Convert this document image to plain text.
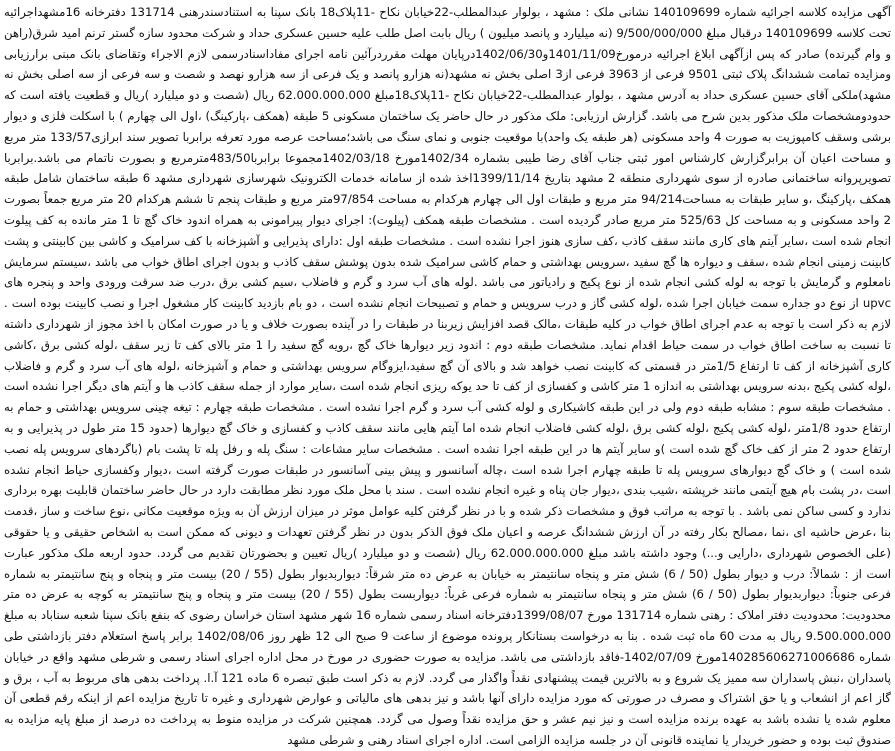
آگهی مزایده کلاسه اجرائیه شماره 140109699 نشانی ملک : مشهد ، بولوار عبدالمطلب-22خیابان نکاح -11پلاک18 بانک سپنا به استنادسندرهنی 131714 دفترخانه 16مشهداجرائیه تحت کلاسه 140109699 درقبال مبلغ 9/500/000/000 (نه میلیارد و پانصد میلیون ) ریال بابت اصل طلب علیه حسین عسکری حداد و شرکت محدود سازه گستر ترنم امید شرق(راهن و وام گیرنده) صادر که پس ازآگهی ابلاغ اجرائیه درمورخ1401/11/09و1402/06/30درپایان مهلت مقرردرآئین نامه اجرای مفاداسنادرسمی لازم الاجراء وتقاضای بانک مبنی برارزیابی ومزایده تمامت ششدانگ پلاک ثبتی 9501 فرعی از 3963 فرعی از3 اصلی بخش نه مشهد(نه هزارو پانصد و یک فرعی از سه هزارو نهصد و شصت و سه فرعی از سه اصلی بخش نه مشهد)ملکی آقای حسین عسکری حداد به آدرس مشهد ، بولوار عبدالمطلب-22خیابان نکاح -11پلاک18مبلغ 62.000.000.000 ریال (شصت و دو میلیارد )ریال و قطعیت یافته است که حدودومشخصات ملک مذکور بدین شرح می باشد. گزارش ارزیابی: ملک مذکور در حال حاضر یک ساختمان مسکونی 5 طبقه (همکف ،پارکینگ) ،اول الی چهارم ) با اسکلت فلزی و دیوار برشی وسقف کامپوزیت به صورت 4 واحد مسکونی (هر طبقه یک واحد)با موقعیت جنوبی و نمای سنگ می باشد؛مساحت عرصه مورد تعرفه برابربا تصویر سند ابرازی133/57 متر مربع و مساحت اعیان آن برابرگزارش کارشناس امور ثبتی جناب آقای رضا طیبی بشماره 1402/34مورخ 1402/03/18مجموعا برابربا483/50مترمربع و بصورت ناتمام می باشد.برابربا تصویرپروانه ساختمانی صادره از سوی شهرداری منطقه 2 مشهد بتاریخ 1399/11/14اخذ شده از سامانه خدمات الکترونیک شهرسازی شهرداری مشهد 6 طبقه ساختمان شامل طبقه همکف ،پارکینگ ،و سایر طبقات به مساحت94/214 متر مربع و طبقات اول الی چهارم هرکدام به مساحت 97/854متر مربع و طبقات پنجم تا ششم هرکدام 20 متر مربع جمعاً بصورت 2 واحد مسکونی و به مساحت کل 525/63 متر مربع صادر گردیده است . مشخصات طبقه همکف (پیلوت): اجرای دیوار پیرامونی به همراه اندود خاک گچ تا 1 متر مانده به کف پیلوت انجام شده است ،سایر آیتم های کاری مانند سقف کاذب ،کف سازی هنوز اجرا نشده است . مشخصات طبقه اول :دارای پذیرایی و آشپزخانه با کف سرامیک و کاشی بین کابینتی و پشت کابینت زمینی انجام شده ،سقف و دیواره ها گچ سفید ،سرویس بهداشتی و حمام کاشی سرامیک شده بدون پوشش سقف کاذب و بدون اجرای اطاق خواب می باشد ،سیستم سرمایش نامعلوم و گرمایش با توجه به لوله کشی انجام شده از نوع پکیج و رادیاتور می باشد .لوله های آب سرد و گرم و فاضلاب ،سیم کشی برق ،درب ضد سرقت ورودی واحد و پنجره های upvc از نوع دو جداره سمت خیابان اجرا شده ،لوله کشی گاز و درب سرویس و حمام و تصبیحات انجام نشده است ، دو بام بازدید کابینت کار مشغول اجرا و نصب کابینت بوده است . لازم به ذکر است با توجه به عدم اجرای اطاق خواب در کلیه طبقات ،مالک قصد افزایش زیربنا در طبقات را در آینده بصورت خلاف و یا در صورت امکان با اخذ مجوز از شهرداری داشته تا نسبت به ساخت اطاق خواب در سمت حیاط اقدام نماید. مشخصات طبقه دوم : اندود زیر دیوارها خاک گچ ،رویه گچ سفید را 1 متر بالای کف تا زیر سقف ،لوله کشی برق ،کاشی کاری آشپزخانه از کف تا ارتفاع 1/5متر در قسمتی که کابینت نصب خواهد شد و بالای آن گچ سفید،ایزوگام سرویس بهداشتی و حمام و آشپزخانه ،لوله های آب سرد و گرم و فاضلاب ،لوله کشی پکیج ،بدنه سرویس بهداشتی به اندازه 1 متر کاشی و کفسازی از کف تا حد یوکه ریزی انجام شده است ،سایر موارد از جمله سقف کاذب ها و آیتم های دیگر اجرا نشده است . مشخصات طبقه سوم : مشابه طبقه دوم ولی در این طبقه کاشیکاری و لوله کشی آب سرد و گرم اجرا نشده است . مشخصات طبقه چهارم : تیغه چینی سرویس بهداشتی و حمام به ارتفاع حدود 1/8متر ،لوله کشی پکیج ،لوله کشی برق ،لوله کشی فاضلاب انجام شده اما آیتم هایی مانند سقف کاذب و کفسازی و خاک گچ دیوارها (حدود 15 متر طول در پذیرایی و به ارتفاع حدود 2 متر از کف خاک گچ شده است )و سایر آیتم ها در این طبقه اجرا نشده است . مشخصات سایر مشاعات : سنگ پله و رفل پله تا پشت بام (باگردهای سرویس پله نصب شده است ) و خاک گچ دیوارهای سرویس پله تا طبقه چهارم اجرا شده است ،چاله آسانسور و پیش بینی آسانسور در طبقات صورت گرفته است ،دیوار وکفسازی حیاط انجام نشده است ،در پشت بام هیچ آیتمی مانند خرپشته ،شیب بندی ،دیوار جان پناه و غیره انجام نشده است . سند با محل ملک مورد نظر مطابقت دارد در حال حاضر ساختمان قابلیت بهره برداری ندارد و کسی ساکن نمی باشد . با توجه به مراتب فوق و مشخصات ذکر شده و با در نظر گرفتن کلیه عوامل موثر در میزان ارزش آن به ویژه موقعیت مکانی ،نوع ساخت و ساز ،قدمت بنا ،عرض حاشیه ای ،نما ،مصالح بکار رفته در آن ارزش ششدانگ عرصه و اعیان ملک فوق الذکر بدون در نظر گرفتن تعهدات و دیونی که ممکن است به اشخاص حقیقی و یا حقوقی (علی الخصوص شهرداری ،دارایی و...) وجود داشته باشد مبلغ 62.000.000.000 ریال (شصت و دو میلیارد )ریال تعیین و بحضورتان تقدیم می گردد. حدود اربعه ملک مذکور عبارت است از : شمالاً: درب و دیوار بطول (50 / 6) شش متر و پنجاه سانتیمتر به خیابان به عرض ده متر شرقاً: دیواربدیوار بطول (55 / 20) بیست متر و پنجاه و پنج سانتیمتر به شماره فرعی جنوباً: دیواربدیوار بطول (50 / 6) شش متر و پنجاه سانتیمتر به شماره فرعی غرباً: دیواربست بطول (55 / 20) بیست متر و پنجاه و پنج سانتیمتر به کوچه به عرض ده متر محدودیت: محدودیت دفتر املاک : رهنی شماره 131714 مورخ 1399/08/07دفترخانه اسناد رسمی شماره 16 شهر مشهد استان خراسان رضوی که بنفع بانک سپنا شعبه سناباد به مبلغ 9.500.000.000 ریال به مدت 60 ماه ثبت شده . بنا به درخواست بستانکار پرونده موضوع از ساعت 9 صبح الی 12 ظهر روز 1402/08/06 برابر پاسخ استعلام دفتر بازداشتی طی شماره 140285606271006686مورخ 1402/07/09-فاقد بازداشتی می باشد. مزایده به صورت حضوری در مورخ در محل اداره اجرای اسناد رسمی و شرطی مشهد واقع در خیابان پاسداران ،نبش پاسداران سه ممیز یک شروع و به بالاترین قیمت پیشنهادی نقداً واگذار می گردد. لازم به ذکر است طبق تبصره 6 ماده 121 آ.ا. پرداخت بدهی های مربوط به آب ، برق و گاز اعم از انشعاب و یا حق اشتراک و مصرف در صورتی که مورد مزایده دارای آنها باشد و نیز بدهی های مالیاتی و عوارض شهرداری و غیره تا تاریخ مزایده اعم از اینکه رقم قطعی آن معلوم شده یا نشده باشد به عهده برنده مزایده است و نیز نیم عشر و حق مزایده نقداً وصول می گردد. همچنین شرکت در مزایده منوط به پرداخت ده درصد از مبلغ پایه مزایده به صندوق ثبت بوده و حضور خریدار یا نماینده قانونی آن در جلسه مزایده الزامی است. اداره اجرای اسناد رهنی و شرطی مشهد
